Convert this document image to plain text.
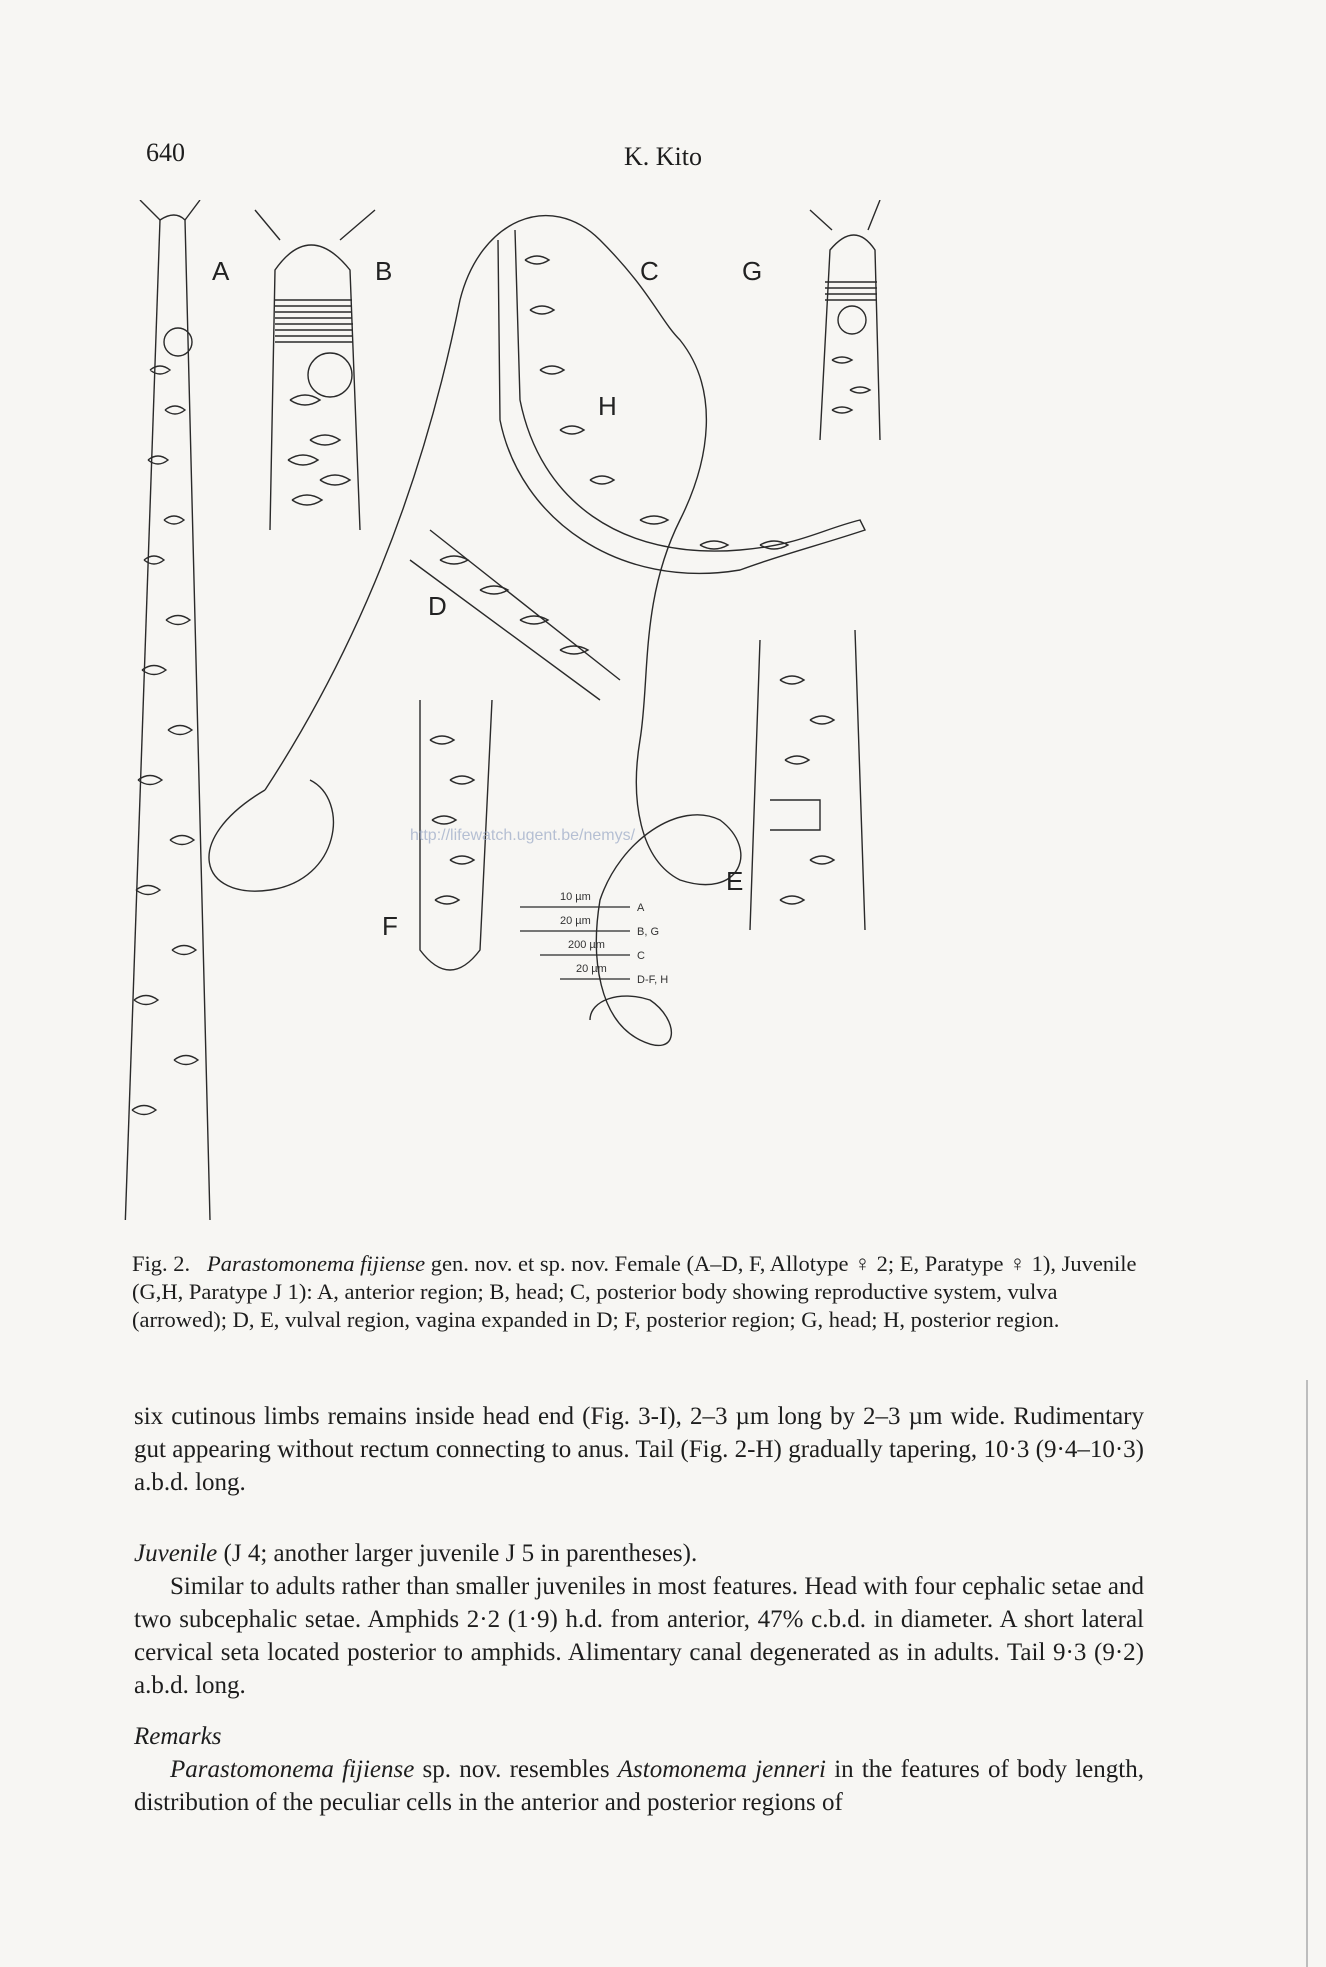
640	K. Kito
A	B	C
D
E
F
G
H
http://lifewatch.ugent.be/nemys/
10 µm
A
20 µm
B, G
200 µm
C
20 µm
D-F, H
Fig. 2. Parastomonema fijiense gen. nov. et sp. nov. Female (A–D, F, Allotype ♀ 2; E, Paratype ♀ 1), Juvenile (G,H, Paratype J 1): A, anterior region; B, head; C, posterior body showing reproductive system, vulva (arrowed); D, E, vulval region, vagina expanded in D; F, posterior region; G, head; H, posterior region.
six cutinous limbs remains inside head end (Fig. 3-I), 2–3 µm long by 2–3 µm wide. Rudimentary gut appearing without rectum connecting to anus. Tail (Fig. 2-H) gradually tapering, 10·3 (9·4–10·3) a.b.d. long.
Juvenile (J 4; another larger juvenile J 5 in parentheses).
Similar to adults rather than smaller juveniles in most features. Head with four cephalic setae and two subcephalic setae. Amphids 2·2 (1·9) h.d. from anterior, 47% c.b.d. in diameter. A short lateral cervical seta located posterior to amphids. Alimentary canal degenerated as in adults. Tail 9·3 (9·2) a.b.d. long.
Remarks
Parastomonema fijiense sp. nov. resembles Astomonema jenneri in the features of body length, distribution of the peculiar cells in the anterior and posterior regions of
